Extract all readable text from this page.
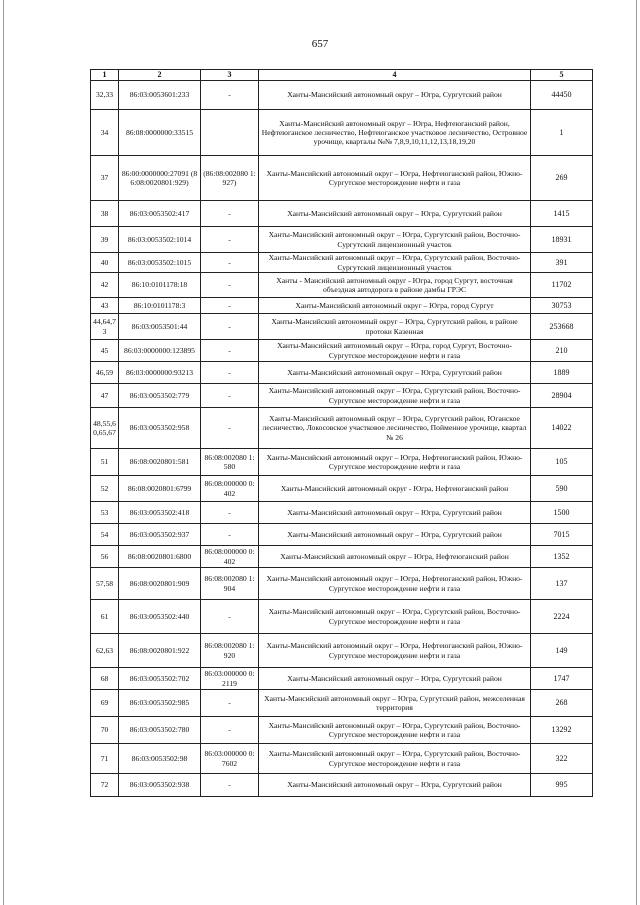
657
1	2	3	4	5
32,33	86:03:0053601:233	-	Ханты-Мансийский автономный округ – Югра, Сургутский район	44450
34	86:08:0000000:33515		Ханты-Мансийский автономный округ – Югра, Нефтеюганский район, Нефтеюганское лесничество, Нефтеюганское участковое лесничество, Островное урочище, кварталы №№ 7,8,9,10,11,12,13,18,19,20	1
37	86:00:0000000:27091 (86:08:0020801:929)	(86:08:002080 1:927)	Ханты-Мансийский автономный округ – Югра, Нефтеюганский район, Южно-Сургутское месторождение нефти и газа	269
38	86:03:0053502:417	-	Ханты-Мансийский автономный округ – Югра, Сургутский район	1415
39	86:03:0053502:1014	-	Ханты-Мансийский автономный округ – Югра, Сургутский район, Восточно-Сургутский лицензионный участок	18931
40	86:03:0053502:1015	-	Ханты-Мансийский автономный округ – Югра, Сургутский район, Восточно-Сургутский лицензионный участок	391
42	86:10:0101178:18	-	Ханты - Мансийский автономный округ - Югра, город Сургут, восточная объездная автодорога в районе дамбы ГРЭС	11702
43	86:10:0101178:3	-	Ханты-Мансийский автономный округ – Югра, город Сургут	30753
44,64,73	86:03:0053501:44	-	Ханты-Мансийский автономный округ – Югра, Сургутский район, в районе протоки Казенная	253668
45	86:03:0000000:123895	-	Ханты-Мансийский автономный округ – Югра, город Сургут, Восточно-Сургутское месторождение нефти и газа	210
46,59	86:03:0000000:93213	-	Ханты-Мансийский автономный округ – Югра, Сургутский район	1889
47	86:03:0053502:779	-	Ханты-Мансийский автономный округ – Югра, Сургутский район, Восточно-Сургутское месторождение нефти и газа	28904
48,55,60,65,67	86:03:0053502:958	-	Ханты-Мансийский автономный округ – Югра, Сургутский район, Юганское лесничество, Локосовское участковое лесничество, Пойменное урочище, квартал № 26	14022
51	86:08:0020801:581	86:08:002080 1:580	Ханты-Мансийский автономный округ – Югра, Нефтеюганский район, Южно-Сургутское месторождение нефти и газа	105
52	86:08:0020801:6799	86:08:000000 0:402	Ханты-Мансийский автономный округ - Югра, Нефтеюганский район	590
53	86:03:0053502:418	-	Ханты-Мансийский автономный округ – Югра, Сургутский район	1500
54	86:03:0053502:937	-	Ханты-Мансийский автономный округ – Югра, Сургутский район	7015
56	86:08:0020801:6800	86:08:000000 0:402	Ханты-Мансийский автономный округ – Югра, Нефтеюганский район	1352
57,58	86:08:0020801:909	86:08:002080 1:904	Ханты-Мансийский автономный округ – Югра, Нефтеюганский район, Южно-Сургутское месторождение нефти и газа	137
61	86:03:0053502:440	-	Ханты-Мансийский автономный округ – Югра, Сургутский район, Восточно-Сургутское месторождение нефти и газа	2224
62,63	86:08:0020801:922	86:08:002080 1:920	Ханты-Мансийский автономный округ – Югра, Нефтеюганский район, Южно-Сургутское месторождение нефти и газа	149
68	86:03:0053502:702	86:03:000000 0:2119	Ханты-Мансийский автономный округ – Югра, Сургутский район	1747
69	86:03:0053502:985	-	Ханты-Мансийский автономный округ – Югра, Сургутский район, межселенная территория	268
70	86:03:0053502:780	-	Ханты-Мансийский автономный округ – Югра, Сургутский район, Восточно-Сургутское месторождение нефти и газа	13292
71	86:03:0053502:98	86:03:000000 0:7602	Ханты-Мансийский автономный округ – Югра, Сургутский район, Восточно-Сургутское месторождение нефти и газа	322
72	86:03:0053502:938	-	Ханты-Мансийский автономный округ – Югра, Сургутский район	995
